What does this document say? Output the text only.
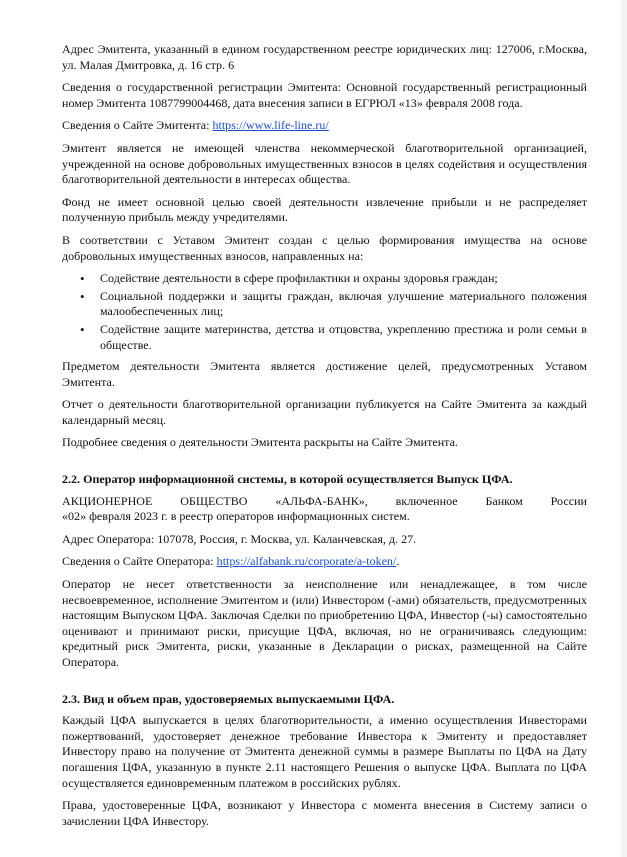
Адрес Эмитента, указанный в едином государственном реестре юридических лиц: 127006, г.Москва, ул. Малая Дмитровка, д. 16 стр. 6

Сведения о государственной регистрации Эмитента: Основной государственный регистрационный номер Эмитента 1087799004468, дата внесения записи в ЕГРЮЛ «13» февраля 2008 года.

Сведения о Сайте Эмитента: https://www.life-line.ru/

Эмитент является не имеющей членства некоммерческой благотворительной организацией, учрежденной на основе добровольных имущественных взносов в целях содействия и осуществления благотворительной деятельности в интересах общества.

Фонд не имеет основной целью своей деятельности извлечение прибыли и не распределяет полученную прибыль между учредителями.

В соответствии с Уставом Эмитент создан с целью формирования имущества на основе добровольных имущественных взносов, направленных на:

• Содействие деятельности в сфере профилактики и охраны здоровья граждан;
• Социальной поддержки и защиты граждан, включая улучшение материального положения малообеспеченных лиц;
• Содействие защите материнства, детства и отцовства, укреплению престижа и роли семьи в обществе.

Предметом деятельности Эмитента является достижение целей, предусмотренных Уставом Эмитента.

Отчет о деятельности благотворительной организации публикуется на Сайте Эмитента за каждый календарный месяц.

Подробнее сведения о деятельности Эмитента раскрыты на Сайте Эмитента.

2.2. Оператор информационной системы, в которой осуществляется Выпуск ЦФА.

АКЦИОНЕРНОЕ ОБЩЕСТВО «АЛЬФА-БАНК», включенное Банком России
«02» февраля 2023 г. в реестр операторов информационных систем.

Адрес Оператора: 107078, Россия, г. Москва, ул. Каланчевская, д. 27.

Сведения о Сайте Оператора: https://alfabank.ru/corporate/a-token/.

Оператор не несет ответственности за неисполнение или ненадлежащее, в том числе несвоевременное, исполнение Эмитентом и (или) Инвестором (-ами) обязательств, предусмотренных настоящим Выпуском ЦФА. Заключая Сделки по приобретению ЦФА, Инвестор (-ы) самостоятельно оценивают и принимают риски, присущие ЦФА, включая, но не ограничиваясь следующим: кредитный риск Эмитента, риски, указанные в Декларации о рисках, размещенной на Сайте Оператора.

2.3. Вид и объем прав, удостоверяемых выпускаемыми ЦФА.

Каждый ЦФА выпускается в целях благотворительности, а именно осуществления Инвесторами пожертвований, удостоверяет денежное требование Инвестора к Эмитенту и предоставляет Инвестору право на получение от Эмитента денежной суммы в размере Выплаты по ЦФА на Дату погашения ЦФА, указанную в пункте 2.11 настоящего Решения о выпуске ЦФА. Выплата по ЦФА осуществляется единовременным платежом в российских рублях.

Права, удостоверенные ЦФА, возникают у Инвестора с момента внесения в Систему записи о зачислении ЦФА Инвестору.
